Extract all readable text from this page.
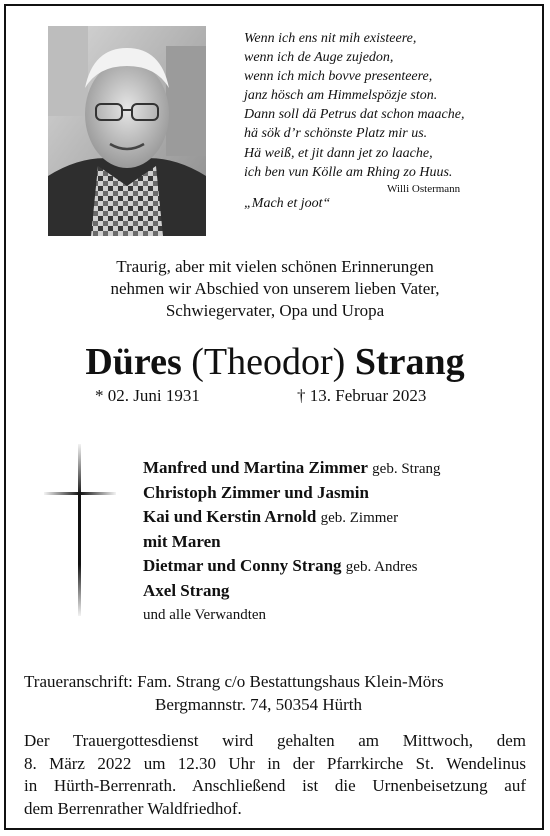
Wenn ich ens nit mih existeere,
wenn ich de Auge zujedon,
wenn ich mich bovve presenteere,
janz hösch am Himmelspözje ston.
Dann soll dä Petrus dat schon maache,
hä sök d’r schönste Platz mir us.
Hä weiß, et jit dann jet zo laache,
ich ben vun Kölle am Rhing zo Huus.
Willi Ostermann
„Mach et joot“
Traurig, aber mit vielen schönen Erinnerungen
nehmen wir Abschied von unserem lieben Vater,
Schwiegervater, Opa und Uropa
Düres (Theodor) Strang
* 02. Juni 1931	† 13. Februar 2023
Manfred und Martina Zimmer geb. Strang
Christoph Zimmer und Jasmin
Kai und Kerstin Arnold geb. Zimmer
mit Maren
Dietmar und Conny Strang geb. Andres
Axel Strang
und alle Verwandten
Traueranschrift: Fam. Strang c/o Bestattungshaus Klein-Mörs
Bergmannstr. 74, 50354 Hürth
Der Trauergottesdienst wird gehalten am Mittwoch, dem
8. März 2022 um 12.30 Uhr in der Pfarrkirche St. Wendelinus
in Hürth-Berrenrath. Anschließend ist die Urnenbeisetzung auf
dem Berrenrather Waldfriedhof.
